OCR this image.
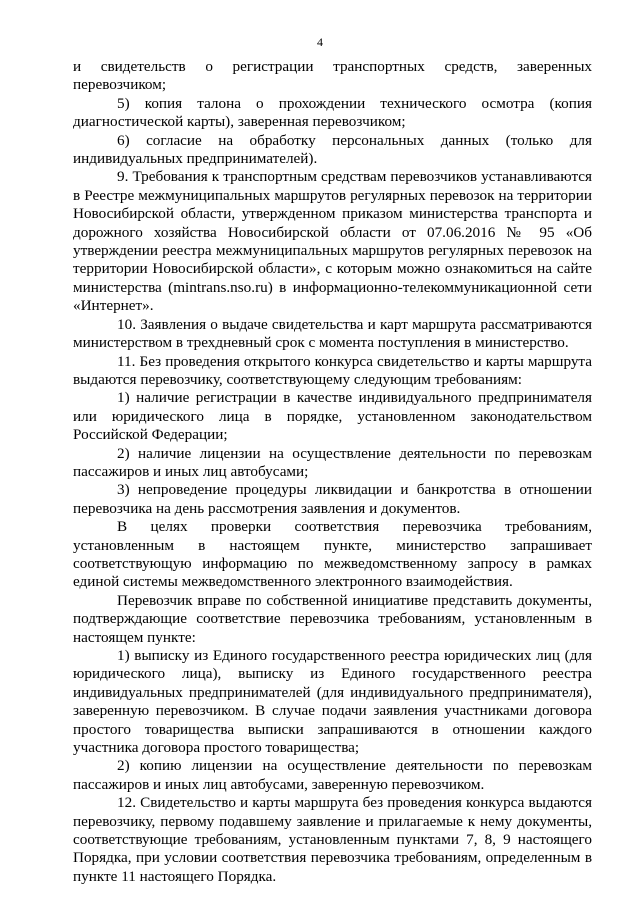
4

и свидетельств о регистрации транспортных средств, заверенных перевозчиком;

5) копия талона о прохождении технического осмотра (копия диагностической карты), заверенная перевозчиком;

6) согласие на обработку персональных данных (только для индивидуальных предпринимателей).

9. Требования к транспортным средствам перевозчиков устанавливаются в Реестре межмуниципальных маршрутов регулярных перевозок на территории Новосибирской области, утвержденном приказом министерства транспорта и дорожного хозяйства Новосибирской области от 07.06.2016 № 95 «Об утверждении реестра межмуниципальных маршрутов регулярных перевозок на территории Новосибирской области», с которым можно ознакомиться на сайте министерства (mintrans.nso.ru) в информационно-телекоммуникационной сети «Интернет».

10. Заявления о выдаче свидетельства и карт маршрута рассматриваются министерством в трехдневный срок с момента поступления в министерство.

11. Без проведения открытого конкурса свидетельство и карты маршрута выдаются перевозчику, соответствующему следующим требованиям:

1) наличие регистрации в качестве индивидуального предпринимателя или юридического лица в порядке, установленном законодательством Российской Федерации;

2) наличие лицензии на осуществление деятельности по перевозкам пассажиров и иных лиц автобусами;

3) непроведение процедуры ликвидации и банкротства в отношении перевозчика на день рассмотрения заявления и документов.

В целях проверки соответствия перевозчика требованиям, установленным в настоящем пункте, министерство запрашивает соответствующую информацию по межведомственному запросу в рамках единой системы межведомственного электронного взаимодействия.

Перевозчик вправе по собственной инициативе представить документы, подтверждающие соответствие перевозчика требованиям, установленным в настоящем пункте:

1) выписку из Единого государственного реестра юридических лиц (для юридического лица), выписку из Единого государственного реестра индивидуальных предпринимателей (для индивидуального предпринимателя), заверенную перевозчиком. В случае подачи заявления участниками договора простого товарищества выписки запрашиваются в отношении каждого участника договора простого товарищества;

2) копию лицензии на осуществление деятельности по перевозкам пассажиров и иных лиц автобусами, заверенную перевозчиком.

12. Свидетельство и карты маршрута без проведения конкурса выдаются перевозчику, первому подавшему заявление и прилагаемые к нему документы, соответствующие требованиям, установленным пунктами 7, 8, 9 настоящего Порядка, при условии соответствия перевозчика требованиям, определенным в пункте 11 настоящего Порядка.
